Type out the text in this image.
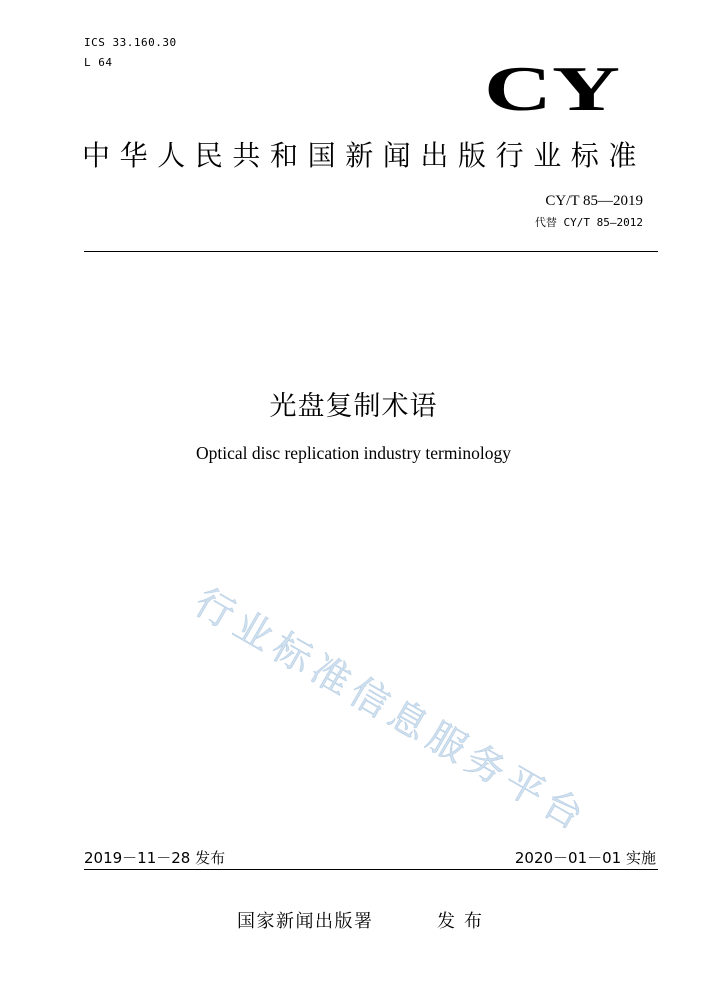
ICS 33.160.30
L 64	CY
中华人民共和国新闻出版行业标准
CY/T 85—2019
代替 CY/T 85—2012
光盘复制术语
Optical disc replication industry terminology
行业标准信息服务平台
2019－11－28 发布	2020－01－01 实施
国家新闻出版署	发布
